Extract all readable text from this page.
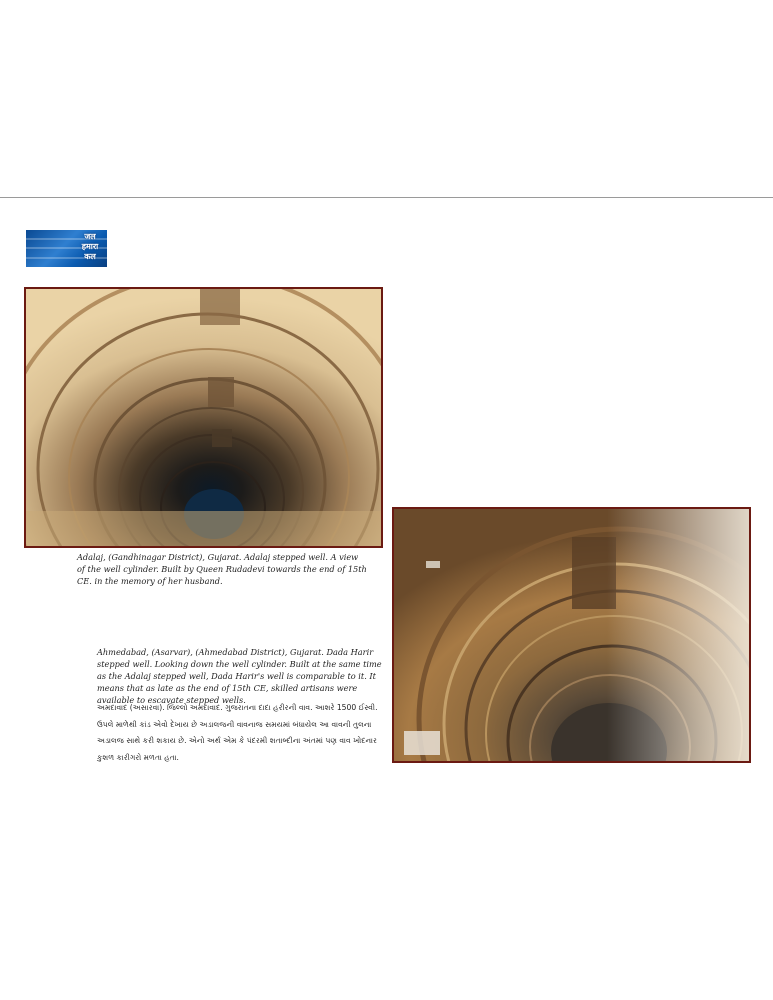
जल
हमारा
कल
Adalaj, (Gandhinagar District), Gujarat. Adalaj stepped well. A view of the well cylinder. Built by Queen Rudadevi towards the end of 15th CE. in the memory of her husband.
Ahmedabad, (Asarvar), (Ahmedabad District), Gujarat. Dada Harir stepped well. Looking down the well cylinder. Built at the same time as the Adalaj stepped well, Dada Harir's well is comparable to it. It means that as late as the end of 15th CE, skilled artisans were available to escavate stepped wells.
અમદાવાદ (અસારવા). જિલ્લો અમદાવાદ. ગુજરાતના દાદા હરીરની વાવ. આશરે 1500 ઈસ્વી. ઉપલે માળેથી કાંડ એવો દેખાય છે અડાલજની વાવનાજ સમયમાં બંધાયેલ આ વાવની તુલના અડાલજ સાથે કરી શકાય છે. એનો અર્થ એમ કે પંદરમી શતાબ્દીના અંતમાં પણ વાવ ખોદનાર કુશળ કારીગરો મળતા હતા.
